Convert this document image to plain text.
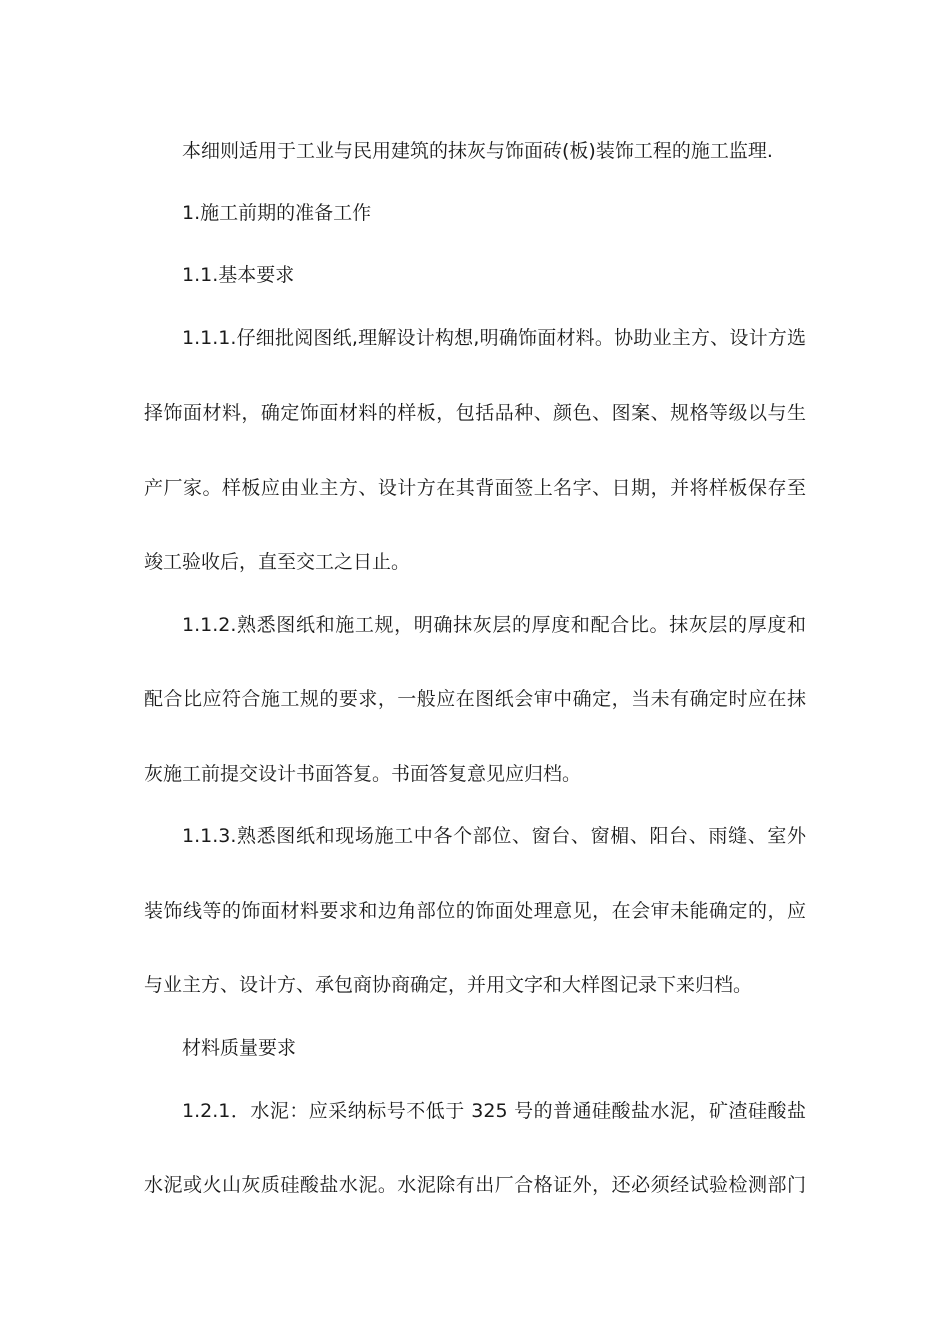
本细则适用于工业与民用建筑的抹灰与饰面砖(板)装饰工程的施工监理.
1.施工前期的准备工作
1.1.基本要求
1.1.1.仔细批阅图纸,理解设计构想,明确饰面材料。协助业主方、设计方选
择饰面材料，确定饰面材料的样板，包括品种、颜色、图案、规格等级以与生
产厂家。样板应由业主方、设计方在其背面签上名字、日期，并将样板保存至
竣工验收后，直至交工之日止。
1.1.2.熟悉图纸和施工规，明确抹灰层的厚度和配合比。抹灰层的厚度和
配合比应符合施工规的要求，一般应在图纸会审中确定，当未有确定时应在抹
灰施工前提交设计书面答复。书面答复意见应归档。
1.1.3.熟悉图纸和现场施工中各个部位、窗台、窗楣、阳台、雨缝、室外
装饰线等的饰面材料要求和边角部位的饰面处理意见，在会审未能确定的，应
与业主方、设计方、承包商协商确定，并用文字和大样图记录下来归档。
材料质量要求
1.2.1．水泥：应采纳标号不低于 325 号的普通硅酸盐水泥，矿渣硅酸盐
水泥或火山灰质硅酸盐水泥。水泥除有出厂合格证外，还必须经试验检测部门
